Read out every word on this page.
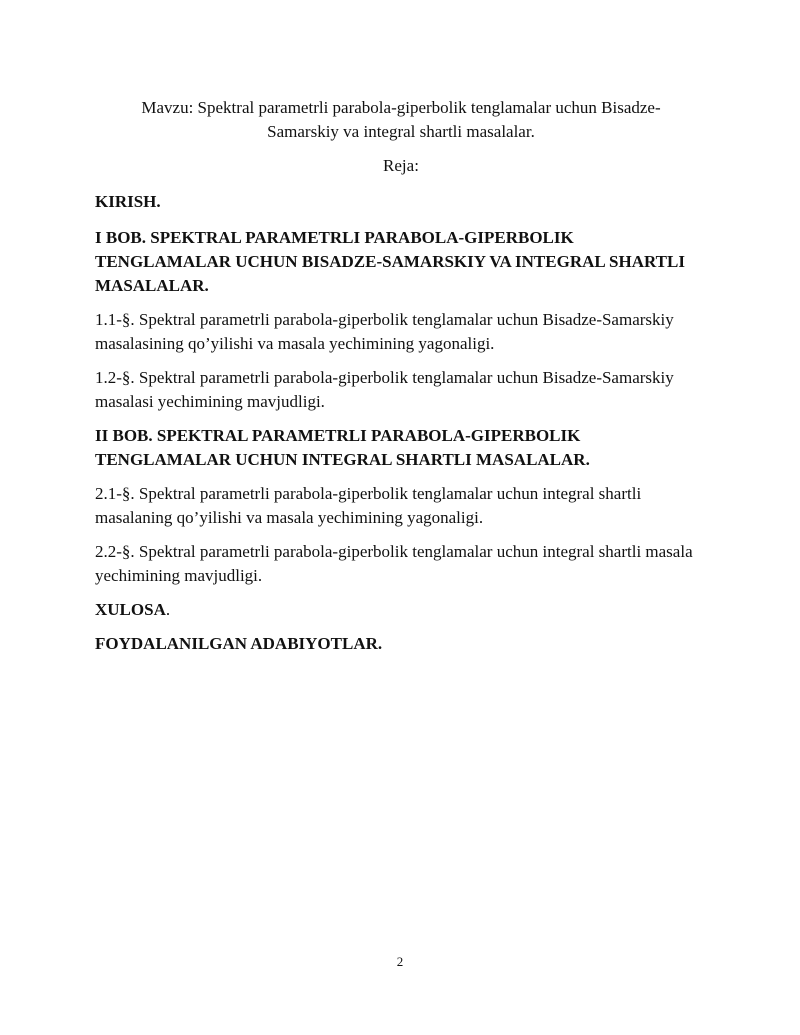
Mavzu: Spektral parametrli parabola-giperbolik tenglamalar uchun Bisadze-Samarskiy va integral shartli masalalar.

Reja:

KIRISH.

I BOB. SPEKTRAL PARAMETRLI PARABOLA-GIPERBOLIK TENGLAMALAR UCHUN BISADZE-SAMARSKIY VA INTEGRAL SHARTLI MASALALAR.

1.1-§. Spektral parametrli parabola-giperbolik tenglamalar uchun Bisadze-Samarskiy masalasining qo’yilishi va masala yechimining yagonaligi.

1.2-§. Spektral parametrli parabola-giperbolik tenglamalar uchun Bisadze-Samarskiy masalasi yechimining mavjudligi.

II BOB. SPEKTRAL PARAMETRLI PARABOLA-GIPERBOLIK TENGLAMALAR UCHUN INTEGRAL SHARTLI MASALALAR.

2.1-§. Spektral parametrli parabola-giperbolik tenglamalar uchun integral shartli masalaning qo’yilishi va masala yechimining yagonaligi.

2.2-§. Spektral parametrli parabola-giperbolik tenglamalar uchun integral shartli masala yechimining mavjudligi.

XULOSA.

FOYDALANILGAN ADABIYOTLAR.

2
